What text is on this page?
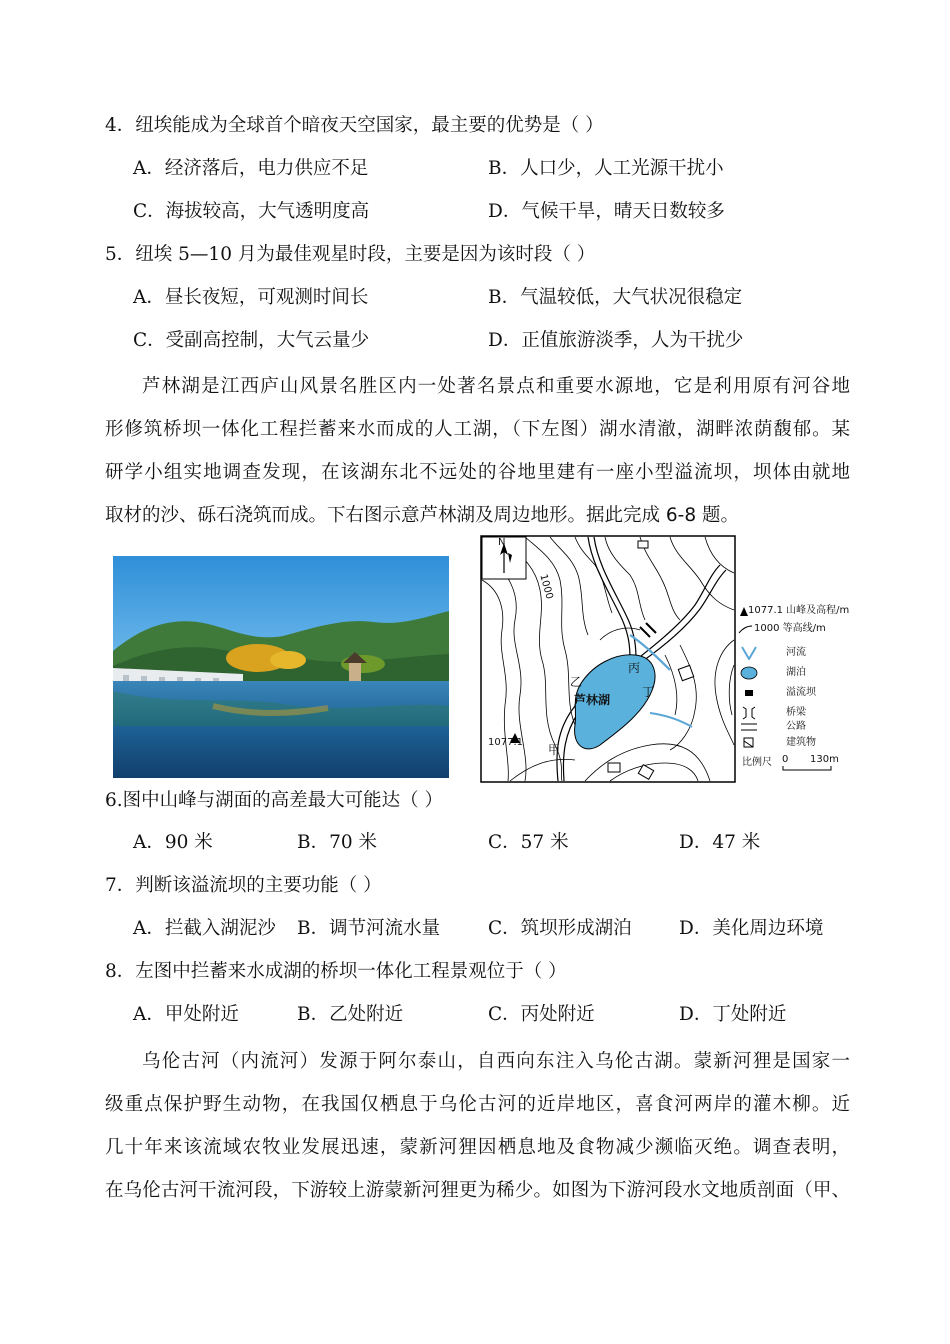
4．纽埃能成为全球首个暗夜天空国家，最主要的优势是（ ）
A．经济落后，电力供应不足	B．人口少，人工光源干扰小
C．海拔较高，大气透明度高	D．气候干旱，晴天日数较多
5．纽埃 5—10 月为最佳观星时段，主要是因为该时段（ ）
A．昼长夜短，可观测时间长	B．气温较低，大气状况很稳定
C．受副高控制，大气云量少	D．正值旅游淡季，人为干扰少
芦林湖是江西庐山风景名胜区内一处著名景点和重要水源地，它是利用原有河谷地
形修筑桥坝一体化工程拦蓄来水而成的人工湖，（下左图）湖水清澈，湖畔浓荫馥郁。某
研学小组实地调查发现，在该湖东北不远处的谷地里建有一座小型溢流坝，坝体由就地
取材的沙、砾石浇筑而成。下右图示意芦林湖及周边地形。据此完成 6-8 题。
N
1000
1077.1
芦林湖
甲
乙
丙
丁
1077.1 山峰及高程/m
1000 等高线/m
河流
湖泊
溢流坝
桥梁
公路
建筑物
比例尺 0 130m
6.图中山峰与湖面的高差最大可能达（ ）
A．90 米	B．70 米	C．57 米	D．47 米
7．判断该溢流坝的主要功能（ ）
A．拦截入湖泥沙 B．调节河流水量	C．筑坝形成湖泊	D．美化周边环境
8．左图中拦蓄来水成湖的桥坝一体化工程景观位于（ ）
A．甲处附近	B．乙处附近	C．丙处附近	D．丁处附近
乌伦古河（内流河）发源于阿尔泰山，自西向东注入乌伦古湖。蒙新河狸是国家一
级重点保护野生动物，在我国仅栖息于乌伦古河的近岸地区，喜食河两岸的灌木柳。近
几十年来该流域农牧业发展迅速，蒙新河狸因栖息地及食物减少濒临灭绝。调查表明，
在乌伦古河干流河段，下游较上游蒙新河狸更为稀少。如图为下游河段水文地质剖面（甲、
